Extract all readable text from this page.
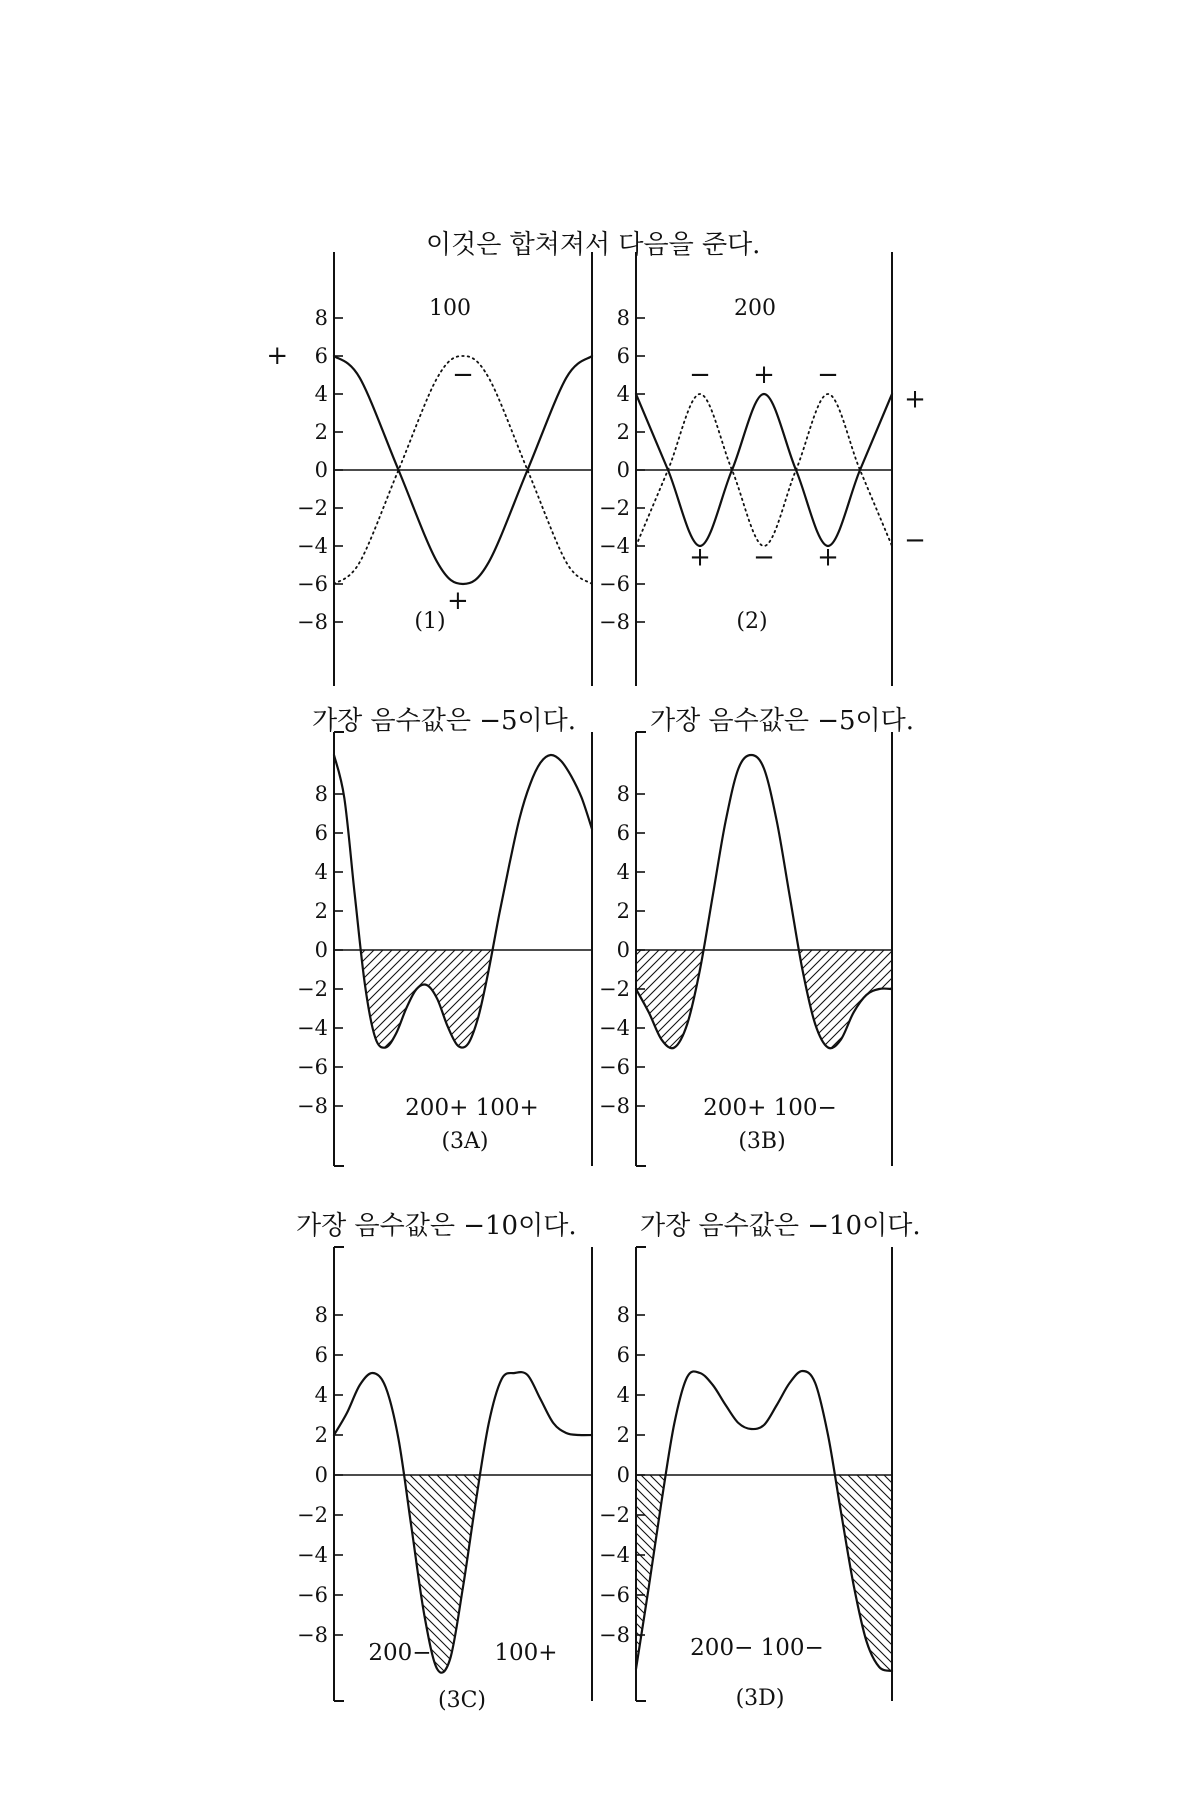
이것은 합쳐져서 다음을 준다.
가장 음수값은 −5이다.	가장 음수값은 −5이다.
가장 음수값은 −10이다. 가장 음수값은 −10이다.
8
6
4
2
0
−2
−4
−6
−8
+
−
+
(1)
100	8
6
4
2
0
−2
−4
−6
−8
− + −
+
−
+ − +
(2)
200
8
6
4
2
0
−2
−4
−6
−8
(3A)
200+ 100+
8
6
4
2
0
−2
−4
−6
−8
(3B)
200+ 100−
8
6
4
2
0
−2
−4
−6
−8
(3C)
200−	100+
8
6
4
2
0
−2
−4
−6
−8
(3D)
200− 100−
